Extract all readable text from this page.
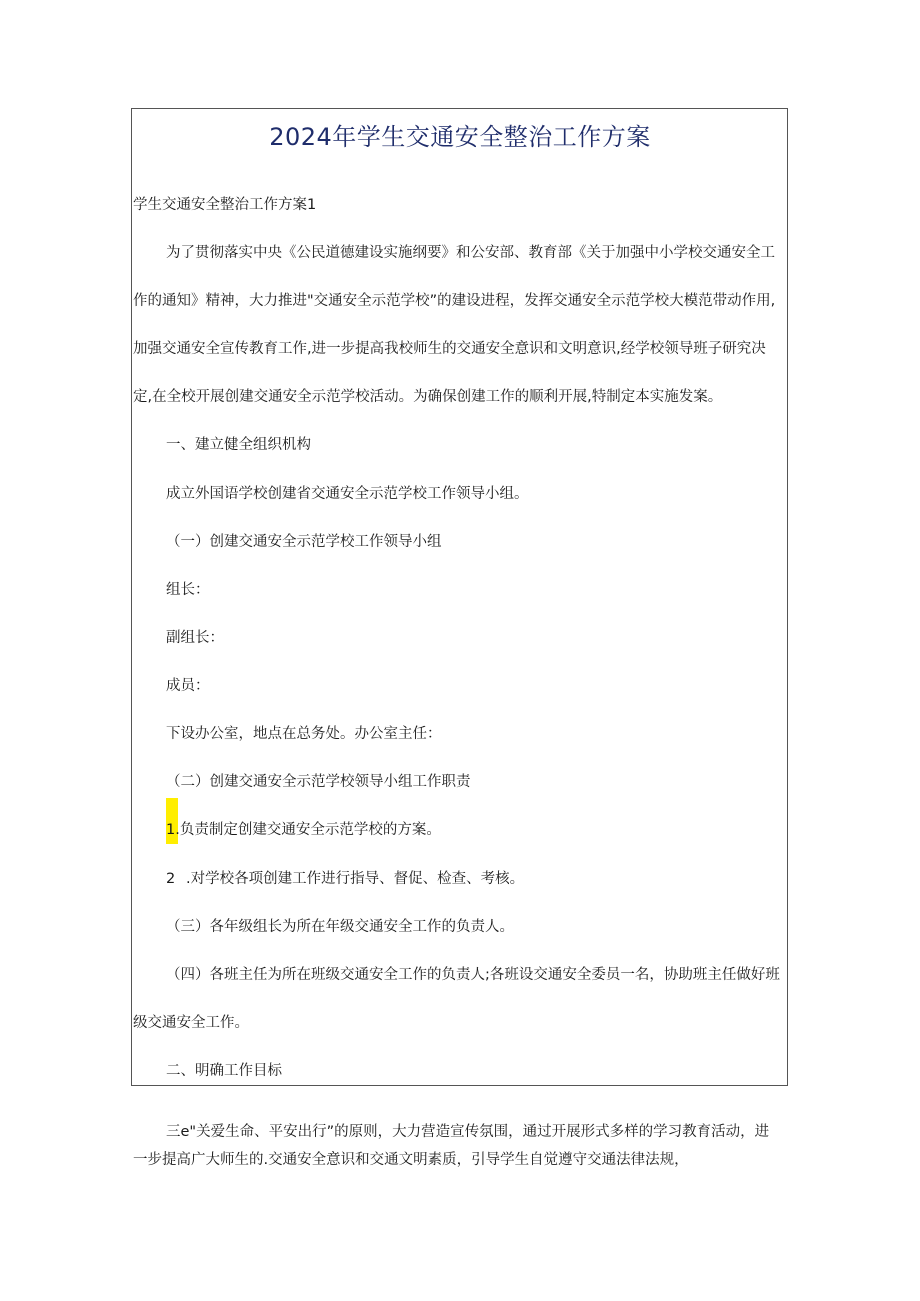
2024年学生交通安全整治工作方案
学生交通安全整治工作方案1
为了贯彻落实中央《公民道德建设实施纲要》和公安部、教育部《关于加强中小学校交通安全工
作的通知》精神，大力推进"交通安全示范学校”的建设进程，发挥交通安全示范学校大模范带动作用,
加强交通安全宣传教育工作,进一步提高我校师生的交通安全意识和文明意识,经学校领导班子研究决
定,在全校开展创建交通安全示范学校活动。为确保创建工作的顺利开展,特制定本实施发案。
一、建立健全组织机构
成立外国语学校创建省交通安全示范学校工作领导小组。
（一）创建交通安全示范学校工作领导小组
组长：
副组长：
成员：
下设办公室，地点在总务处。办公室主任：
（二）创建交通安全示范学校领导小组工作职责
1.负责制定创建交通安全示范学校的方案。
2 .对学校各项创建工作进行指导、督促、检查、考核。
（三）各年级组长为所在年级交通安全工作的负责人。
（四）各班主任为所在班级交通安全工作的负责人;各班设交通安全委员一名，协助班主任做好班
级交通安全工作。
二、明确工作目标
三e"关爱生命、平安出行”的原则，大力营造宣传氛围，通过开展形式多样的学习教育活动，进
一步提高广大师生的.交通安全意识和交通文明素质，引导学生自觉遵守交通法律法规，
